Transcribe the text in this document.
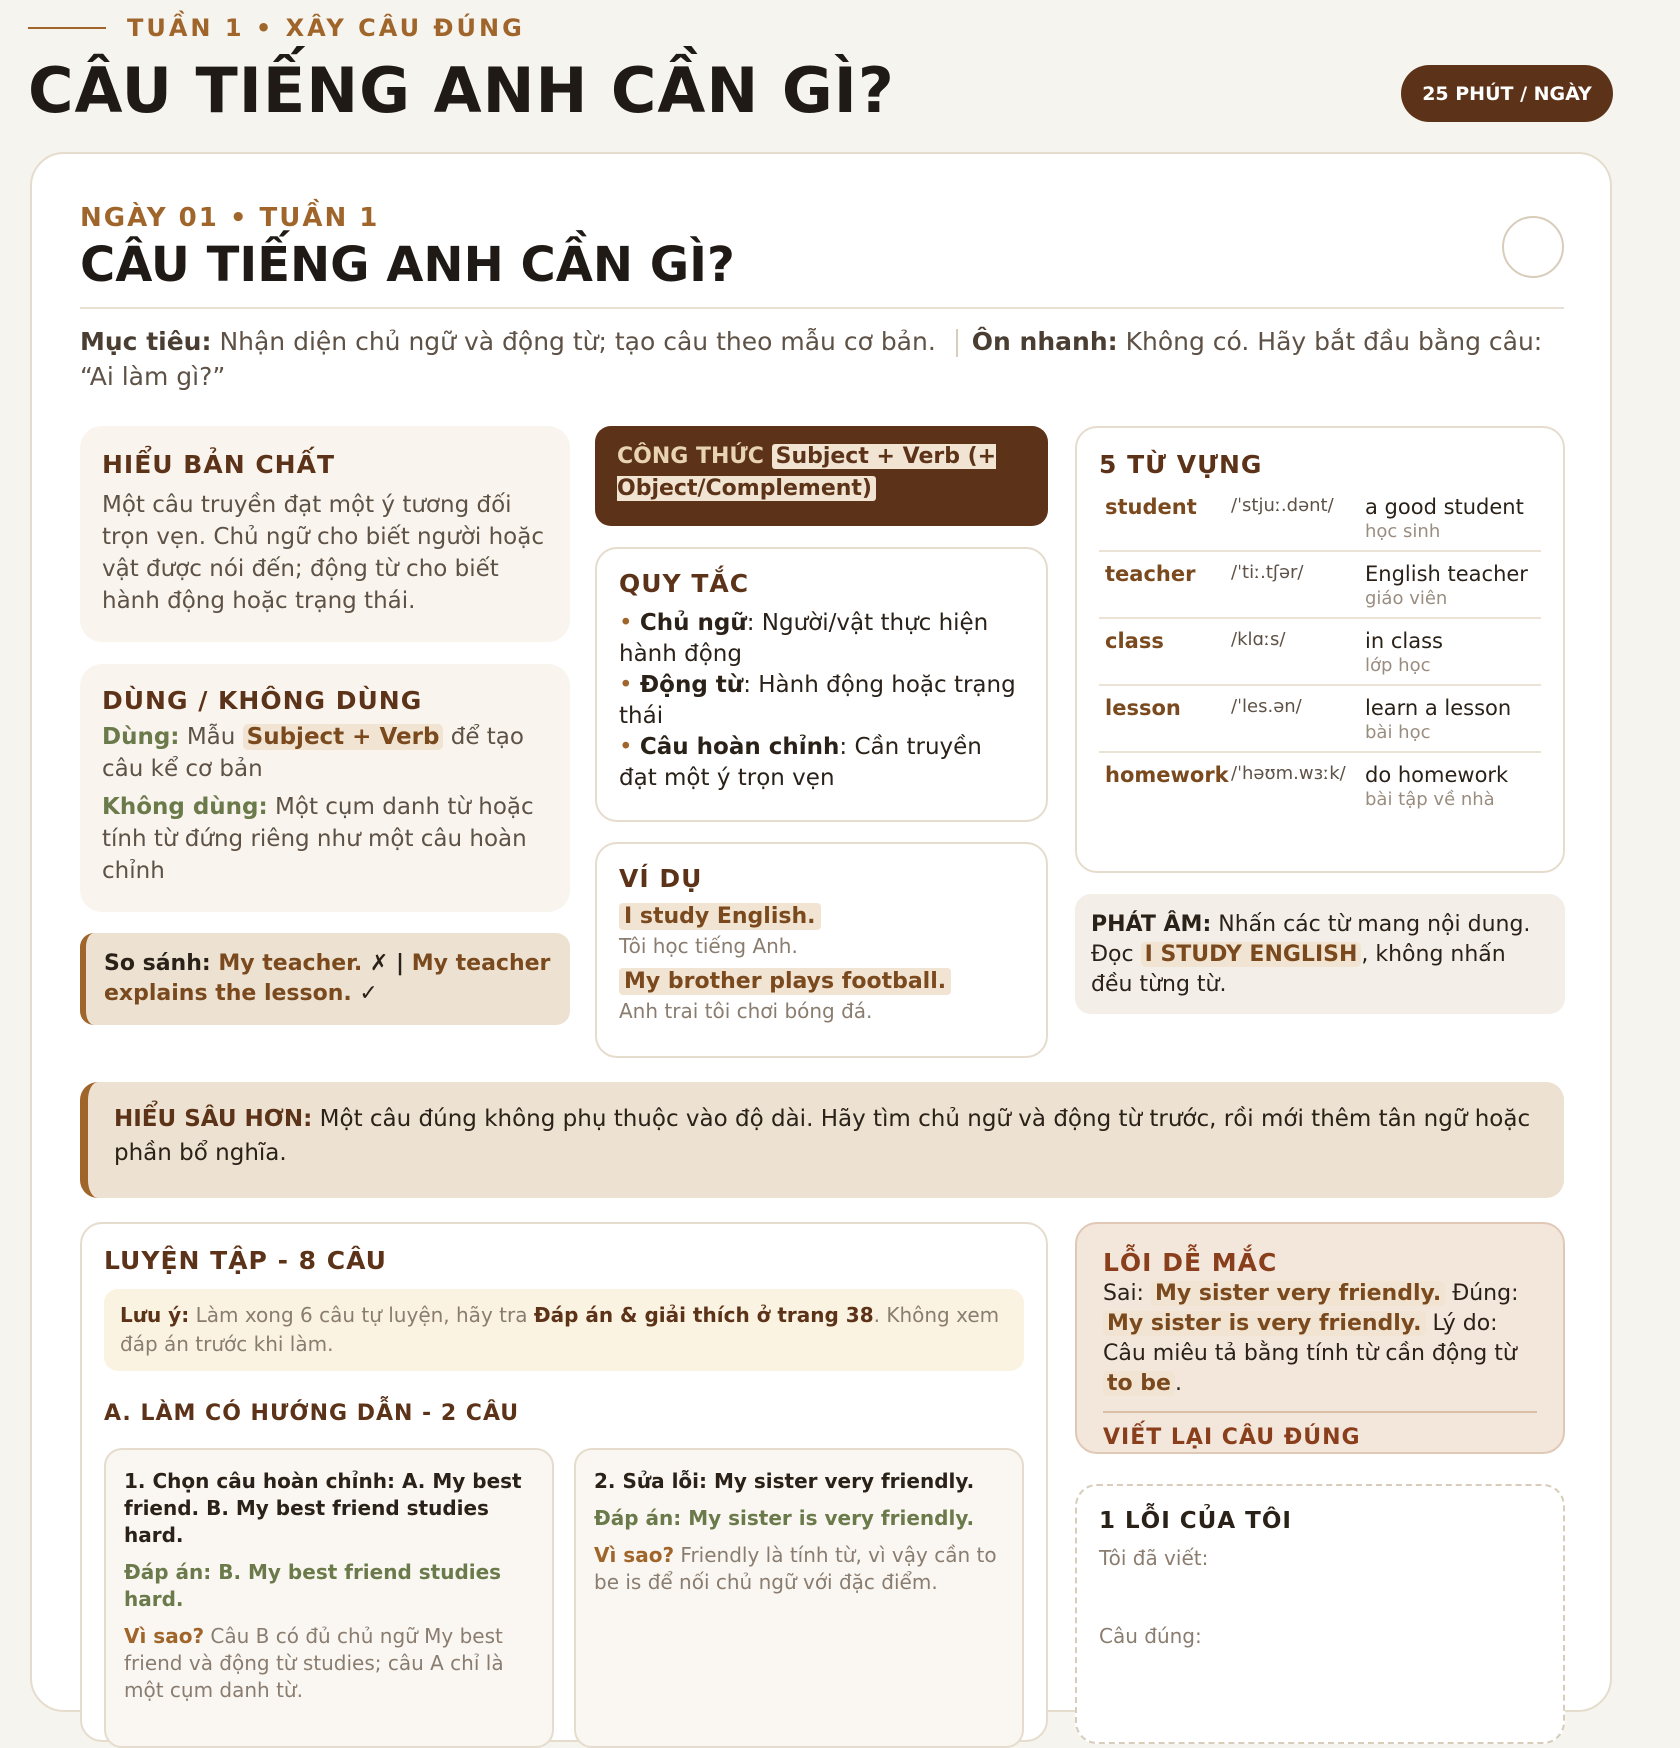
TUẦN 1 • XÂY CÂU ĐÚNG
CÂU TIẾNG ANH CẦN GÌ?	25 PHÚT / NGÀY
NGÀY 01 • TUẦN 1
CÂU TIẾNG ANH CẦN GÌ?
Mục tiêu: Nhận diện chủ ngữ và động từ; tạo câu theo mẫu cơ bản. Ôn nhanh: Không có. Hãy bắt đầu bằng câu: “Ai làm gì?”
HIỂU BẢN CHẤT
Một câu truyền đạt một ý tương đối trọn vẹn. Chủ ngữ cho biết người hoặc vật được nói đến; động từ cho biết hành động hoặc trạng thái.
DÙNG / KHÔNG DÙNG
Dùng: Mẫu Subject + Verb để tạo câu kể cơ bản
Không dùng: Một cụm danh từ hoặc tính từ đứng riêng như một câu hoàn chỉnh
So sánh: My teacher. ✗ | My teacher explains the lesson. ✓
CÔNG THỨC Subject + Verb (+ Object/Complement)
QUY TẮC
• Chủ ngữ: Người/vật thực hiện hành động
• Động từ: Hành động hoặc trạng thái
• Câu hoàn chỉnh: Cần truyền đạt một ý trọn vẹn
VÍ DỤ
I study English.
Tôi học tiếng Anh.
My brother plays football.
Anh trai tôi chơi bóng đá.
5 TỪ VỰNG
student	/ˈstjuː.dənt/	a good student
học sinh
teacher	/ˈtiː.tʃər/	English teacher
giáo viên
class	/klɑːs/	in class
lớp học
lesson	/ˈles.ən/	learn a lesson
bài học
homework /ˈhəʊm.wɜːk/ do homework
bài tập về nhà
PHÁT ÂM: Nhấn các từ mang nội dung. Đọc I STUDY ENGLISH , không nhấn đều từng từ.
HIỂU SÂU HƠN: Một câu đúng không phụ thuộc vào độ dài. Hãy tìm chủ ngữ và động từ trước, rồi mới thêm tân ngữ hoặc phần bổ nghĩa.
LUYỆN TẬP - 8 CÂU
Lưu ý: Làm xong 6 câu tự luyện, hãy tra Đáp án & giải thích ở trang 38. Không xem đáp án trước khi làm.
A. LÀM CÓ HƯỚNG DẪN - 2 CÂU
1. Chọn câu hoàn chỉnh: A. My best friend. B. My best friend studies hard.
Đáp án: B. My best friend studies hard.
Vì sao? Câu B có đủ chủ ngữ My best friend và động từ studies; câu A chỉ là một cụm danh từ.
2. Sửa lỗi: My sister very friendly.
Đáp án: My sister is very friendly.
Vì sao? Friendly là tính từ, vì vậy cần to be is để nối chủ ngữ với đặc điểm.
LỖI DỄ MẮC
Sai: My sister very friendly. Đúng: My sister is very friendly. Lý do: Câu miêu tả bằng tính từ cần động từ to be .
VIẾT LẠI CÂU ĐÚNG
1 LỖI CỦA TÔI
Tôi đã viết:
Câu đúng:
